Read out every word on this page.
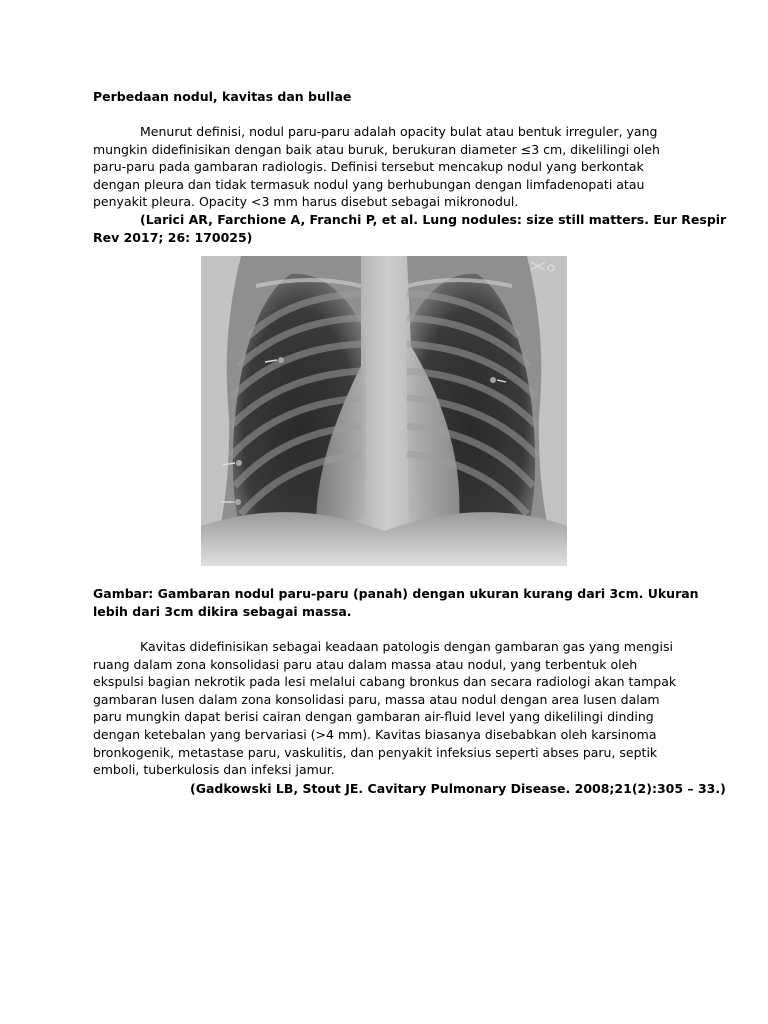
Perbedaan nodul, kavitas dan bullae
Menurut definisi, nodul paru-paru adalah opacity bulat atau bentuk irreguler, yang
mungkin didefinisikan dengan baik atau buruk, berukuran diameter ≤3 cm, dikelilingi oleh
paru-paru pada gambaran radiologis. Definisi tersebut mencakup nodul yang berkontak
dengan pleura dan tidak termasuk nodul yang berhubungan dengan limfadenopati atau
penyakit pleura. Opacity <3 mm harus disebut sebagai mikronodul.
(Larici AR, Farchione A, Franchi P, et al. Lung nodules: size still matters. Eur Respir
Rev 2017; 26: 170025)
Gambar: Gambaran nodul paru-paru (panah) dengan ukuran kurang dari 3cm. Ukuran
lebih dari 3cm dikira sebagai massa.
Kavitas didefinisikan sebagai keadaan patologis dengan gambaran gas yang mengisi
ruang dalam zona konsolidasi paru atau dalam massa atau nodul, yang terbentuk oleh
ekspulsi bagian nekrotik pada lesi melalui cabang bronkus dan secara radiologi akan tampak
gambaran lusen dalam zona konsolidasi paru, massa atau nodul dengan area lusen dalam
paru mungkin dapat berisi cairan dengan gambaran air-fluid level yang dikelilingi dinding
dengan ketebalan yang bervariasi (>4 mm). Kavitas biasanya disebabkan oleh karsinoma
bronkogenik, metastase paru, vaskulitis, dan penyakit infeksius seperti abses paru, septik
emboli, tuberkulosis dan infeksi jamur.
(Gadkowski LB, Stout JE. Cavitary Pulmonary Disease. 2008;21(2):305 – 33.)
